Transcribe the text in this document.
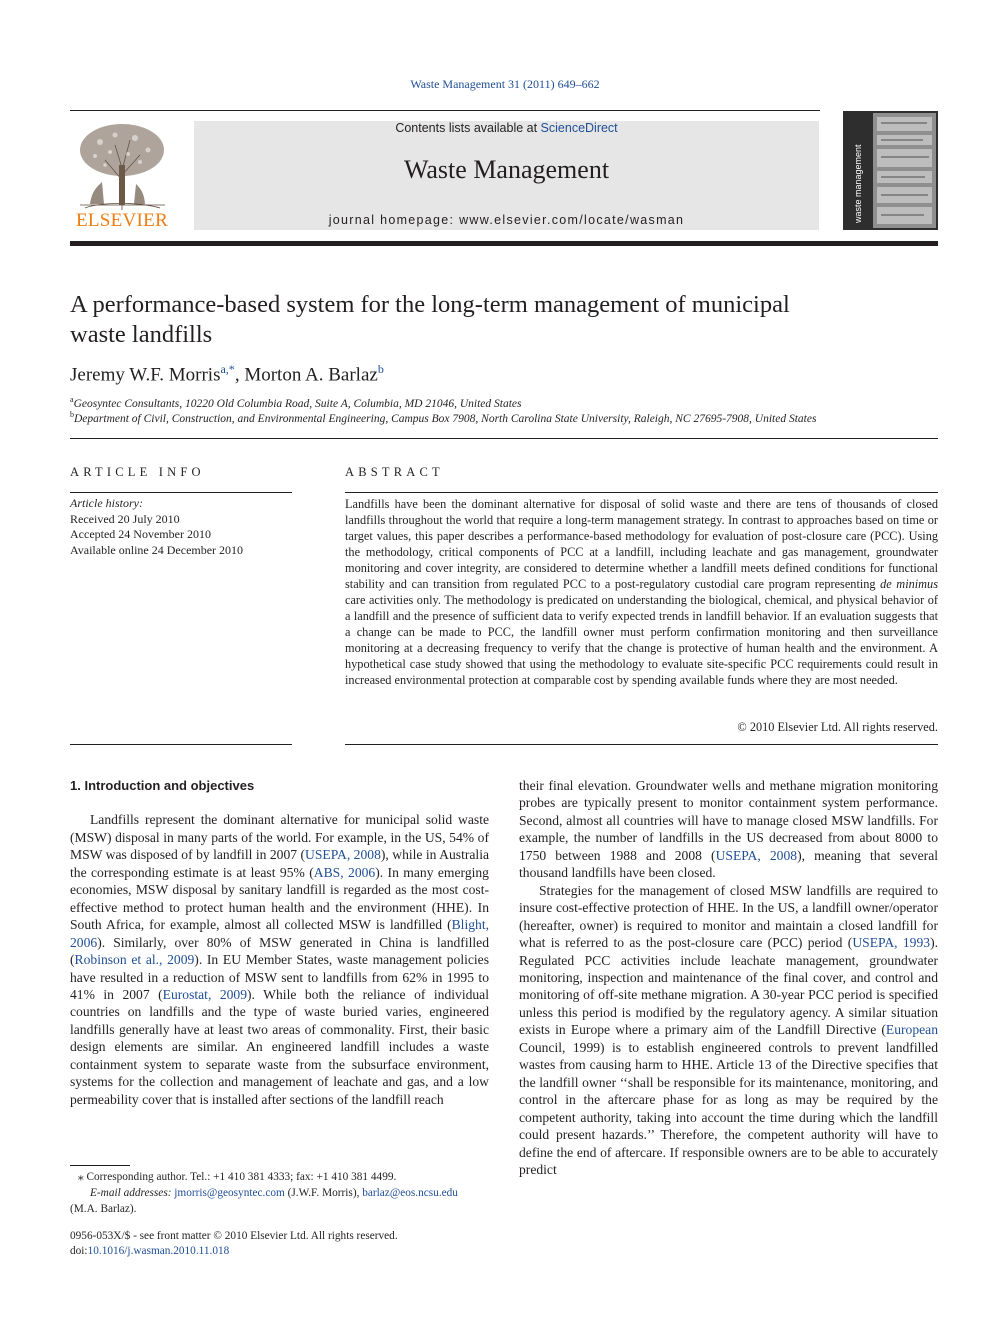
Waste Management 31 (2011) 649–662
ELSEVIER
Contents lists available at ScienceDirect
Waste Management
journal homepage: www.elsevier.com/locate/wasman	waste management
A performance-based system for the long-term management of municipal
waste landfills
Jeremy W.F. Morris$^{a,*}$, Morton A. Barlaz$^b$
$^a$Geosyntec Consultants, 10220 Old Columbia Road, Suite A, Columbia, MD 21046, United States
$^b$Department of Civil, Construction, and Environmental Engineering, Campus Box 7908, North Carolina State University, Raleigh, NC 27695-7908, United States
ARTICLE INFO
Article history:
Received 20 July 2010
Accepted 24 November 2010
Available online 24 December 2010
ABSTRACT
Landfills have been the dominant alternative for disposal of solid waste and there are tens of thousands of closed landfills throughout the world that require a long-term management strategy. In contrast to approaches based on time or target values, this paper describes a performance-based methodology for evaluation of post-closure care (PCC). Using the methodology, critical components of PCC at a landfill, including leachate and gas management, groundwater monitoring and cover integrity, are considered to determine whether a landfill meets defined conditions for functional stability and can transition from regulated PCC to a post-regulatory custodial care program representing de minimus care activities only. The methodology is predicated on understanding the biological, chemical, and physical behavior of a landfill and the presence of sufficient data to verify expected trends in landfill behavior. If an evaluation suggests that a change can be made to PCC, the landfill owner must perform confirmation monitoring and then surveillance monitoring at a decreasing frequency to verify that the change is protective of human health and the environment. A hypothetical case study showed that using the methodology to evaluate site-specific PCC requirements could result in increased environmental protection at comparable cost by spending available funds where they are most needed.
© 2010 Elsevier Ltd. All rights reserved.
1. Introduction and objectives

Landfills represent the dominant alternative for municipal solid waste (MSW) disposal in many parts of the world. For example, in the US, 54% of MSW was disposed of by landfill in 2007 (USEPA, 2008), while in Australia the corresponding estimate is at least 95% (ABS, 2006). In many emerging economies, MSW disposal by sanitary landfill is regarded as the most cost-effective method to protect human health and the environment (HHE). In South Africa, for example, almost all collected MSW is landfilled (Blight, 2006). Similarly, over 80% of MSW generated in China is landfilled (Robinson et al., 2009). In EU Member States, waste management policies have resulted in a reduction of MSW sent to landfills from 62% in 1995 to 41% in 2007 (Eurostat, 2009). While both the reliance of individual countries on landfills and the type of waste buried varies, engineered landfills generally have at least two areas of commonality. First, their basic design elements are similar. An engineered landfill includes a waste containment system to separate waste from the subsurface environment, systems for the collection and management of leachate and gas, and a low permeability cover that is installed after sections of the landfill reach

their final elevation. Groundwater wells and methane migration monitoring probes are typically present to monitor containment system performance. Second, almost all countries will have to manage closed MSW landfills. For example, the number of landfills in the US decreased from about 8000 to 1750 between 1988 and 2008 (USEPA, 2008), meaning that several thousand landfills have been closed.

Strategies for the management of closed MSW landfills are required to insure cost-effective protection of HHE. In the US, a landfill owner/operator (hereafter, owner) is required to monitor and maintain a closed landfill for what is referred to as the post-closure care (PCC) period (USEPA, 1993). Regulated PCC activities include leachate management, groundwater monitoring, inspection and maintenance of the final cover, and control and monitoring of off-site methane migration. A 30-year PCC period is specified unless this period is modified by the regulatory agency. A similar situation exists in Europe where a primary aim of the Landfill Directive (European Council, 1999) is to establish engineered controls to prevent landfilled wastes from causing harm to HHE. Article 13 of the Directive specifies that the landfill owner ‘‘shall be responsible for its maintenance, monitoring, and control in the aftercare phase for as long as may be required by the competent authority, taking into account the time during which the landfill could present hazards.’’ Therefore, the competent authority will have to define the end of aftercare. If responsible owners are to be able to accurately predict

⁎ Corresponding author. Tel.: +1 410 381 4333; fax: +1 410 381 4499.
E-mail addresses: jmorris@geosyntec.com (J.W.F. Morris), barlaz@eos.ncsu.edu
(M.A. Barlaz).
0956-053X/$ - see front matter © 2010 Elsevier Ltd. All rights reserved.
doi:10.1016/j.wasman.2010.11.018
